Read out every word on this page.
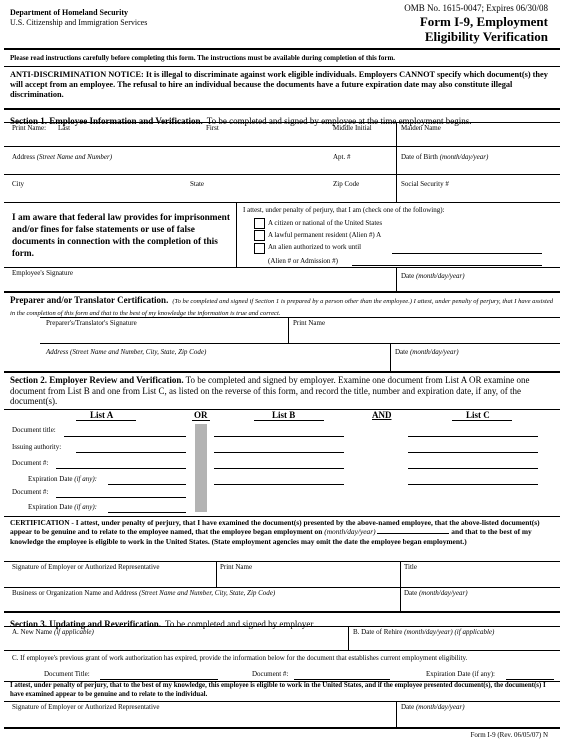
Department of Homeland Security
U.S. Citizenship and Immigration Services
OMB No. 1615-0047; Expires 06/30/08
Form I-9, Employment
Eligibility Verification
Please read instructions carefully before completing this form. The instructions must be available during completion of this form.
ANTI-DISCRIMINATION NOTICE: It is illegal to discriminate against work eligible individuals. Employers CANNOT specify which document(s) they will accept from an employee. The refusal to hire an individual because the documents have a future expiration date may also constitute illegal discrimination.
Section 1. Employee Information and Verification. To be completed and signed by employee at the time employment begins.
Print Name: Last	First	Middle Initial	Maiden Name
Address (Street Name and Number)	Apt. #	Date of Birth (month/day/year)
City	State	Zip Code	Social Security #
I am aware that federal law provides for imprisonment and/or fines for false statements or use of false documents in connection with the completion of this form.
I attest, under penalty of perjury, that I am (check one of the following):
A citizen or national of the United States
A lawful permanent resident (Alien #) A
An alien authorized to work until
(Alien # or Admission #)
Employee's Signature	Date (month/day/year)
Preparer and/or Translator Certification. (To be completed and signed if Section 1 is prepared by a person other than the employee.) I attest, under penalty of perjury, that I have assisted in the completion of this form and that to the best of my knowledge the information is true and correct.
Preparer's/Translator's Signature	Print Name
Address (Street Name and Number, City, State, Zip Code)	Date (month/day/year)
Section 2. Employer Review and Verification. To be completed and signed by employer. Examine one document from List A OR examine one document from List B and one from List C, as listed on the reverse of this form, and record the title, number and expiration date, if any, of the document(s).
List A	OR	List B	AND	List C
Document title:
Issuing authority:
Document #:
Expiration Date (if any):
Document #:
Expiration Date (if any):
CERTIFICATION - I attest, under penalty of perjury, that I have examined the document(s) presented by the above-named employee, that the above-listed document(s) appear to be genuine and to relate to the employee named, that the employee began employment on (month/day/year)	and that to the best of my knowledge the employee is eligible to work in the United States. (State employment agencies may omit the date the employee began employment.)
Signature of Employer or Authorized Representative	Print Name	Title
Business or Organization Name and Address (Street Name and Number, City, State, Zip Code)	Date (month/day/year)
Section 3. Updating and Reverification. To be completed and signed by employer.
A. New Name (if applicable)	B. Date of Rehire (month/day/year) (if applicable)
C. If employee's previous grant of work authorization has expired, provide the information below for the document that establishes current employment eligibility.
Document Title:	Document #:	Expiration Date (if any):
I attest, under penalty of perjury, that to the best of my knowledge, this employee is eligible to work in the United States, and if the employee presented document(s), the document(s) I have examined appear to be genuine and to relate to the individual.
Signature of Employer or Authorized Representative	Date (month/day/year)
Form I-9 (Rev. 06/05/07) N
